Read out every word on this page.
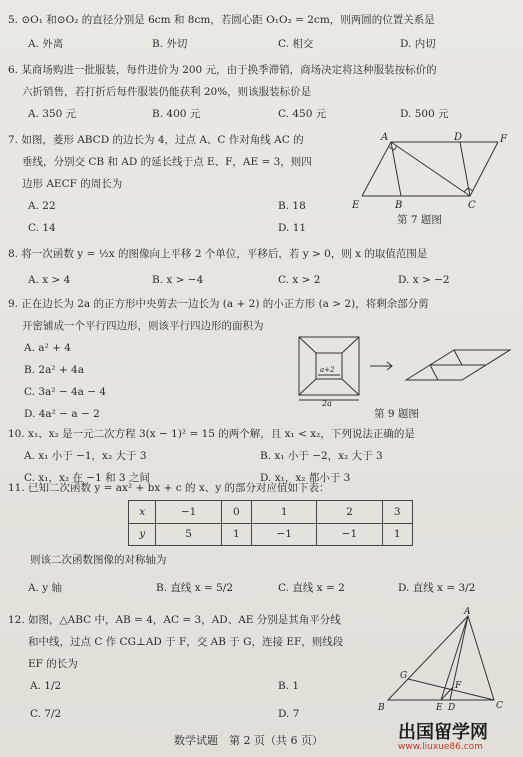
5. ⊙O₁ 和⊙O₂ 的直径分别是 6cm 和 8cm，若圆心距 O₁O₂ = 2cm，则两圆的位置关系是
A. 外离	B. 外切	C. 相交	D. 内切
6. 某商场购进一批服装，每件进价为 200 元，由于换季滞销，商场决定将这种服装按标价的
六折销售，若打折后每件服装仍能获利 20%，则该服装标价是
A. 350 元	B. 400 元	C. 450 元	D. 500 元
7. 如图，菱形 ABCD 的边长为 4，过点 A、C 作对角线 AC 的
垂线，分别交 CB 和 AD 的延长线于点 E、F，AE = 3，则四
边形 AECF 的周长为
A. 22	B. 18
C. 14	D. 11
A	D	F
E	B	C
第 7 题图
8. 将一次函数 y = ½x 的图像向上平移 2 个单位，平移后，若 y > 0，则 x 的取值范围是
A. x > 4	B. x > −4	C. x > 2	D. x > −2
9. 正在边长为 2a 的正方形中央剪去一边长为 (a + 2) 的小正方形 (a > 2)，将剩余部分剪
开密铺成一个平行四边形，则该平行四边形的面积为
A. a² + 4
B. 2a² + 4a
C. 3a² − 4a − 4
D. 4a² − a − 2
a+2
2a
第 9 题图
10. x₁、x₂ 是一元二次方程 3(x − 1)² = 15 的两个解，且 x₁ < x₂，下列说法正确的是
A. x₁ 小于 −1，x₂ 大于 3	B. x₁ 小于 −2，x₂ 大于 3
C. x₁，x₂ 在 −1 和 3 之间	D. x₁，x₂ 都小于 3
11. 已知二次函数 y = ax² + bx + c 的 x、y 的部分对应值如下表：
x	−1	0	1	2	3
y	5	1	−1	−1	1
则该二次函数图像的对称轴为
A. y 轴	B. 直线 x = 5/2	C. 直线 x = 2	D. 直线 x = 3/2
12. 如图，△ABC 中，AB = 4，AC = 3，AD、AE 分别是其角平分线
和中线，过点 C 作 CG⊥AD 于 F，交 AB 于 G，连接 EF，则线段
EF 的长为
A. 1/2	B. 1
C. 7/2	D. 7
A
B	C
D
E
F
G
数学试题　第 2 页（共 6 页）	出国留学网
www.liuxue86.com
